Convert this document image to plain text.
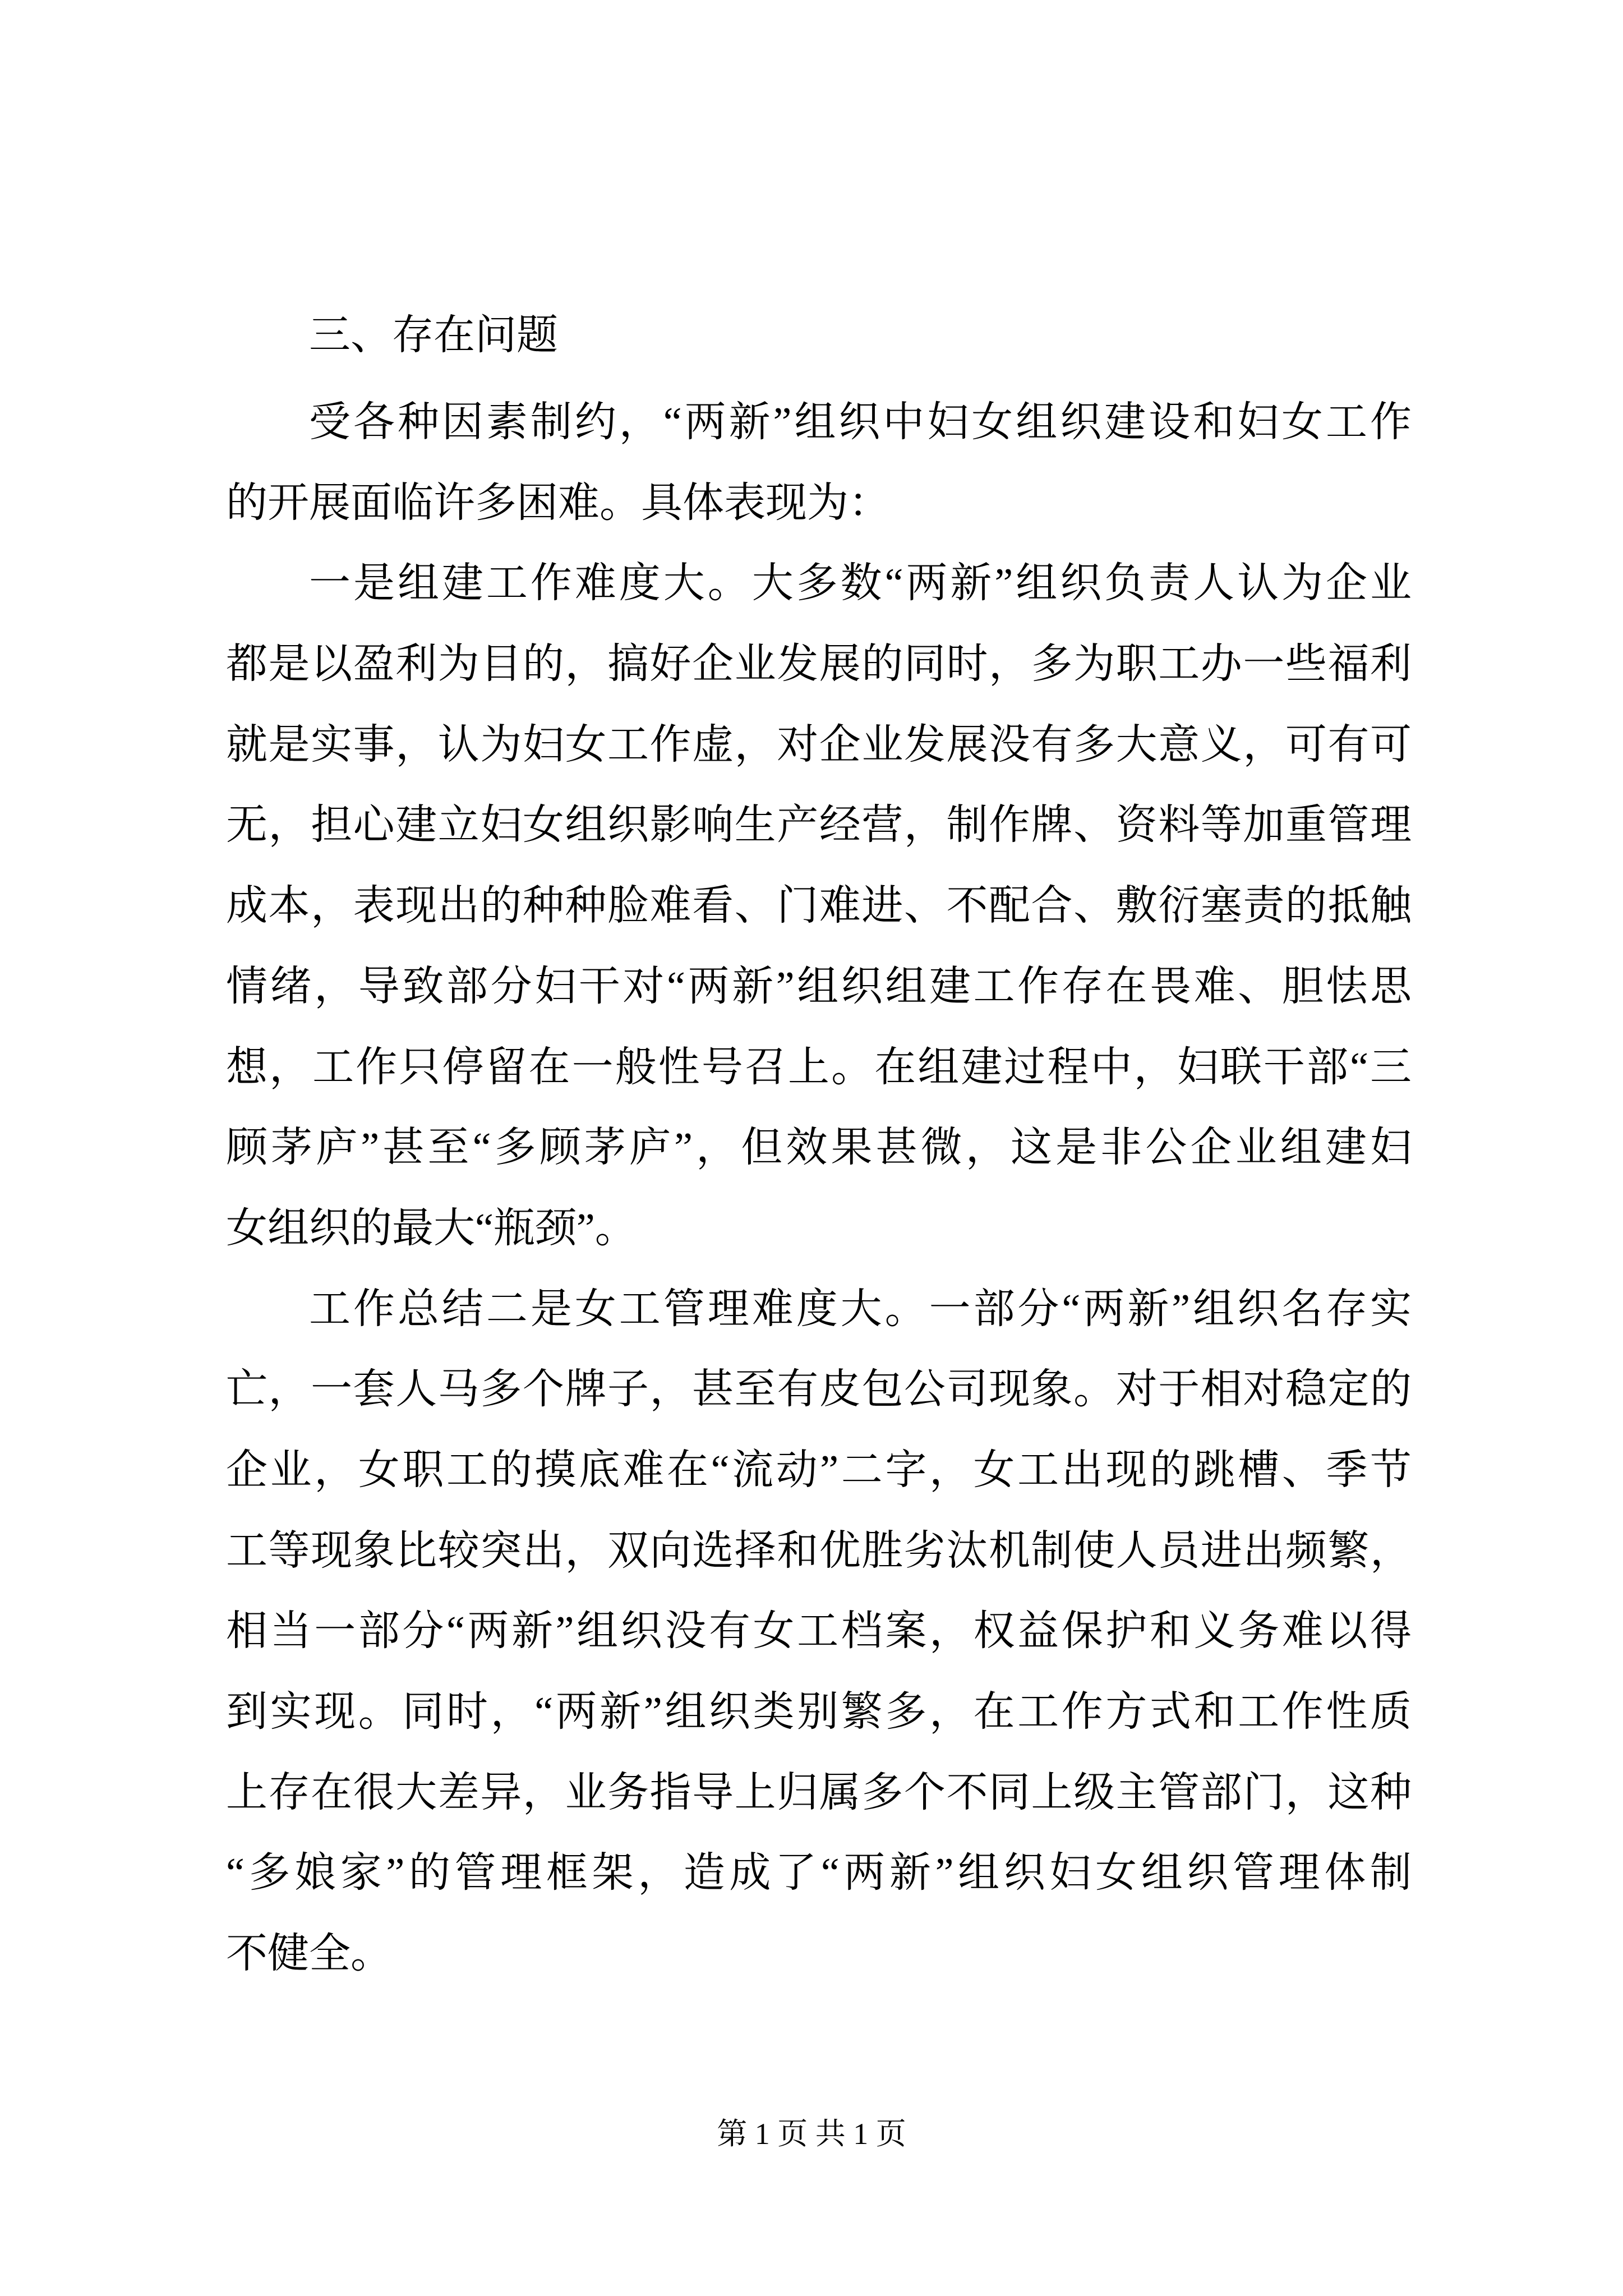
三、存在问题
受各种因素制约，“两新”组织中妇女组织建设和妇女工作
的开展面临许多困难。具体表现为：
一是组建工作难度大。大多数“两新”组织负责人认为企业
都是以盈利为目的，搞好企业发展的同时，多为职工办一些福利
就是实事，认为妇女工作虚，对企业发展没有多大意义，可有可
无，担心建立妇女组织影响生产经营，制作牌、资料等加重管理
成本，表现出的种种脸难看、门难进、不配合、敷衍塞责的抵触
情绪，导致部分妇干对“两新”组织组建工作存在畏难、胆怯思
想，工作只停留在一般性号召上。在组建过程中，妇联干部“三
顾茅庐”甚至“多顾茅庐”，但效果甚微，这是非公企业组建妇
女组织的最大“瓶颈”。
工作总结二是女工管理难度大。一部分“两新”组织名存实
亡，一套人马多个牌子，甚至有皮包公司现象。对于相对稳定的
企业，女职工的摸底难在“流动”二字，女工出现的跳槽、季节
工等现象比较突出，双向选择和优胜劣汰机制使人员进出频繁，
相当一部分“两新”组织没有女工档案，权益保护和义务难以得
到实现。同时，“两新”组织类别繁多，在工作方式和工作性质
上存在很大差异，业务指导上归属多个不同上级主管部门，这种
“多娘家”的管理框架，造成了“两新”组织妇女组织管理体制
不健全。
第 1 页 共 1 页
